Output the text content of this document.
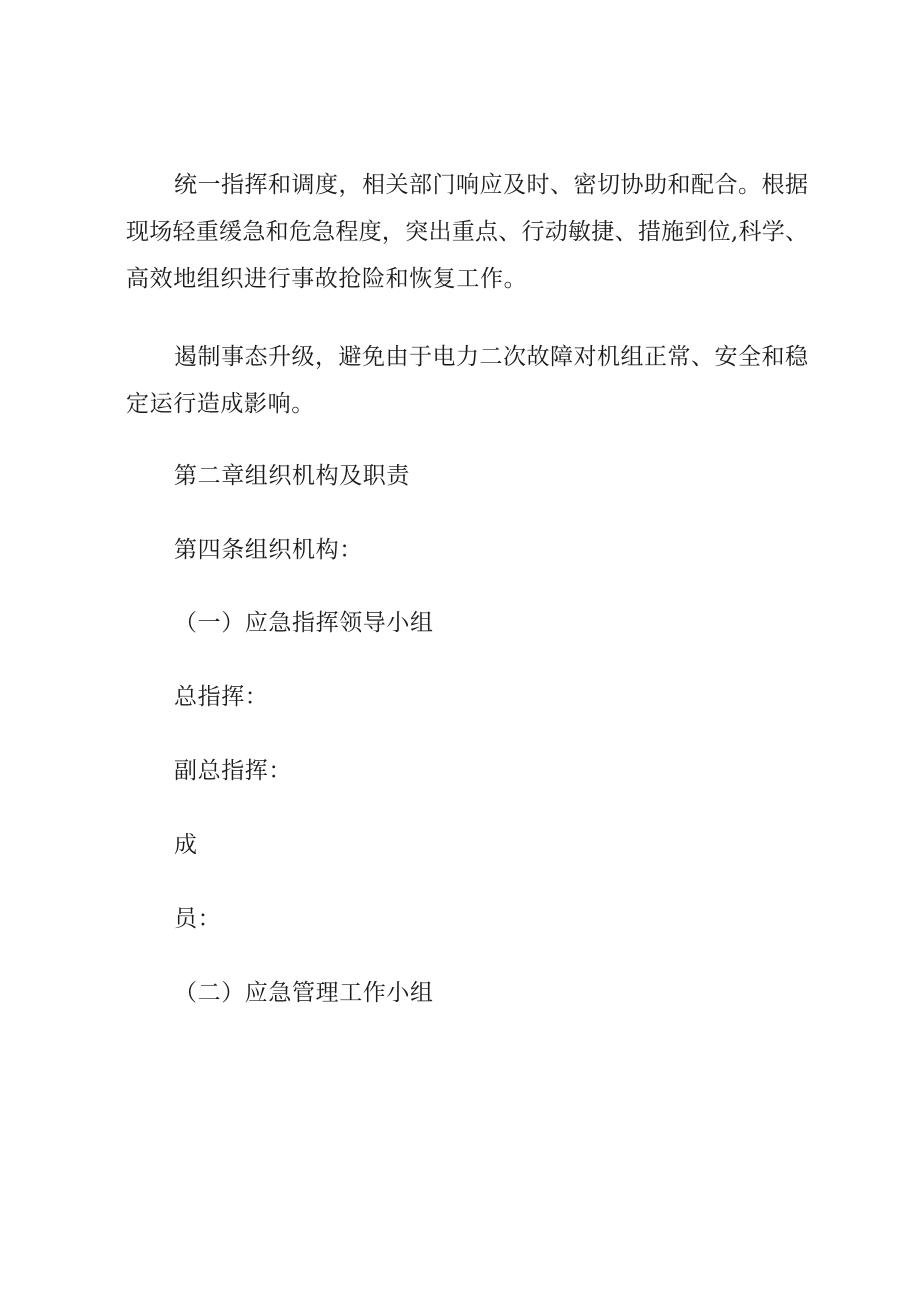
统一指挥和调度，相关部门响应及时、密切协助和配合。根据
现场轻重缓急和危急程度，突出重点、行动敏捷、措施到位,科学、
高效地组织进行事故抢险和恢复工作。
遏制事态升级，避免由于电力二次故障对机组正常、安全和稳
定运行造成影响。
第二章组织机构及职责
第四条组织机构：
（一）应急指挥领导小组
总指挥：
副总指挥：
成
员：
（二）应急管理工作小组
